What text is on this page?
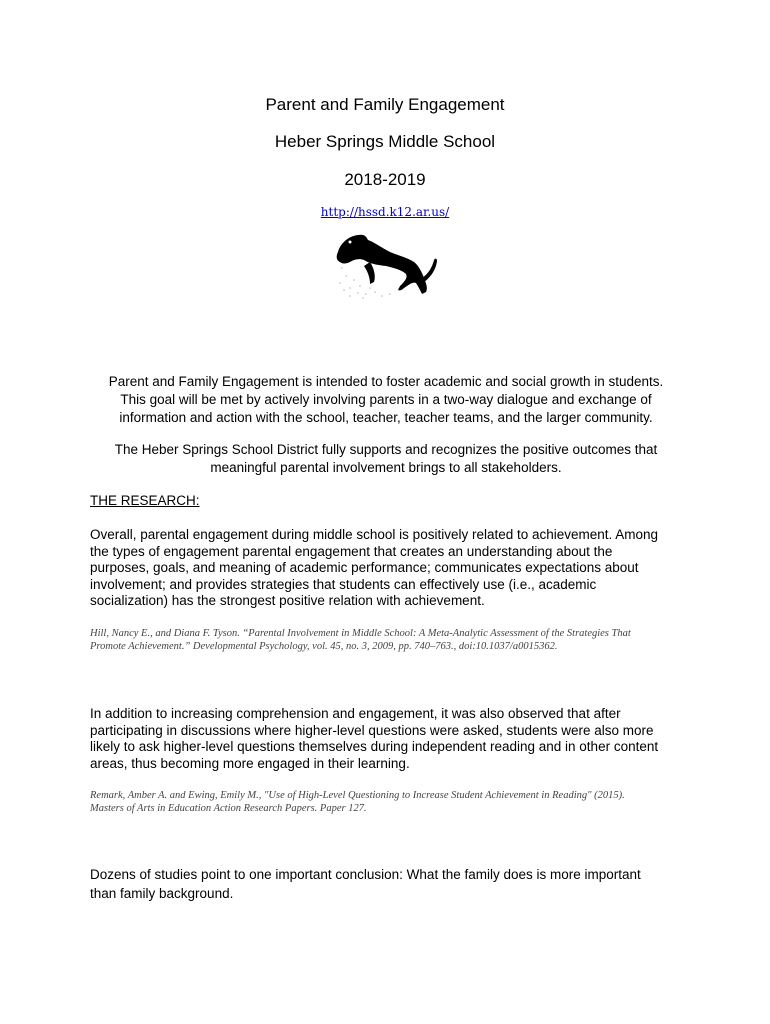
Parent and Family Engagement
Heber Springs Middle School
2018-2019
http://hssd.k12.ar.us/
Parent and Family Engagement is intended to foster academic and social growth in students.
This goal will be met by actively involving parents in a two-way dialogue and exchange of
information and action with the school, teacher, teacher teams, and the larger community.
The Heber Springs School District fully supports and recognizes the positive outcomes that
meaningful parental involvement brings to all stakeholders.
THE RESEARCH:
Overall, parental engagement during middle school is positively related to achievement. Among
the types of engagement parental engagement that creates an understanding about the
purposes, goals, and meaning of academic performance; communicates expectations about
involvement; and provides strategies that students can effectively use (i.e., academic
socialization) has the strongest positive relation with achievement.
Hill, Nancy E., and Diana F. Tyson. “Parental Involvement in Middle School: A Meta-Analytic Assessment of the Strategies That
Promote Achievement.” Developmental Psychology, vol. 45, no. 3, 2009, pp. 740–763., doi:10.1037/a0015362.
In addition to increasing comprehension and engagement, it was also observed that after
participating in discussions where higher-level questions were asked, students were also more
likely to ask higher-level questions themselves during independent reading and in other content
areas, thus becoming more engaged in their learning.
Remark, Amber A. and Ewing, Emily M., "Use of High-Level Questioning to Increase Student Achievement in Reading" (2015).
Masters of Arts in Education Action Research Papers. Paper 127.
Dozens of studies point to one important conclusion: What the family does is more important
than family background.
